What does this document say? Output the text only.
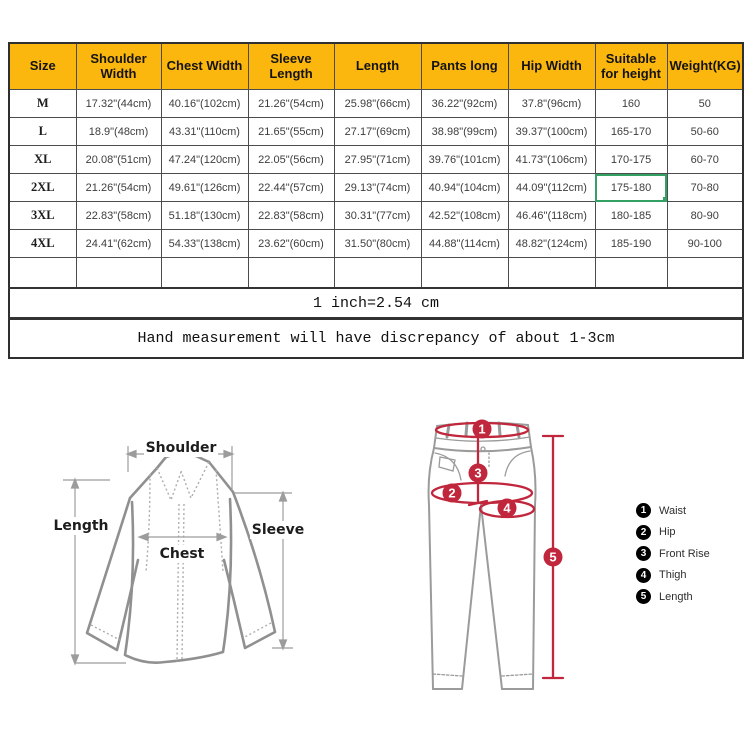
Size	Shoulder Width	Chest Width	Sleeve Length	Length	Pants long	Hip Width	Suitable for height	Weight(KG)
M	17.32"(44cm)	40.16"(102cm)	21.26"(54cm)	25.98"(66cm)	36.22"(92cm)	37.8"(96cm)	160	50
L	18.9"(48cm)	43.31"(110cm)	21.65"(55cm)	27.17"(69cm)	38.98"(99cm)	39.37"(100cm)	165-170	50-60
XL	20.08"(51cm)	47.24"(120cm)	22.05"(56cm)	27.95"(71cm)	39.76"(101cm)	41.73"(106cm)	170-175	60-70
2XL	21.26"(54cm)	49.61"(126cm)	22.44"(57cm)	29.13"(74cm)	40.94"(104cm)	44.09"(112cm)	175-180	70-80
3XL	22.83"(58cm)	51.18"(130cm)	22.83"(58cm)	30.31"(77cm)	42.52"(108cm)	46.46"(118cm)	180-185	80-90
4XL	24.41"(62cm)	54.33"(138cm)	23.62"(60cm)	31.50"(80cm)	44.88"(114cm)	48.82"(124cm)	185-190	90-100

1 inch=2.54 cm								
Hand measurement will have discrepancy of about 1-3cm								
Shoulder
Length
Chest
Sleeve
1
2
3
4
5
1	Waist
2	Hip
3	Front Rise
4	Thigh
5	Length
